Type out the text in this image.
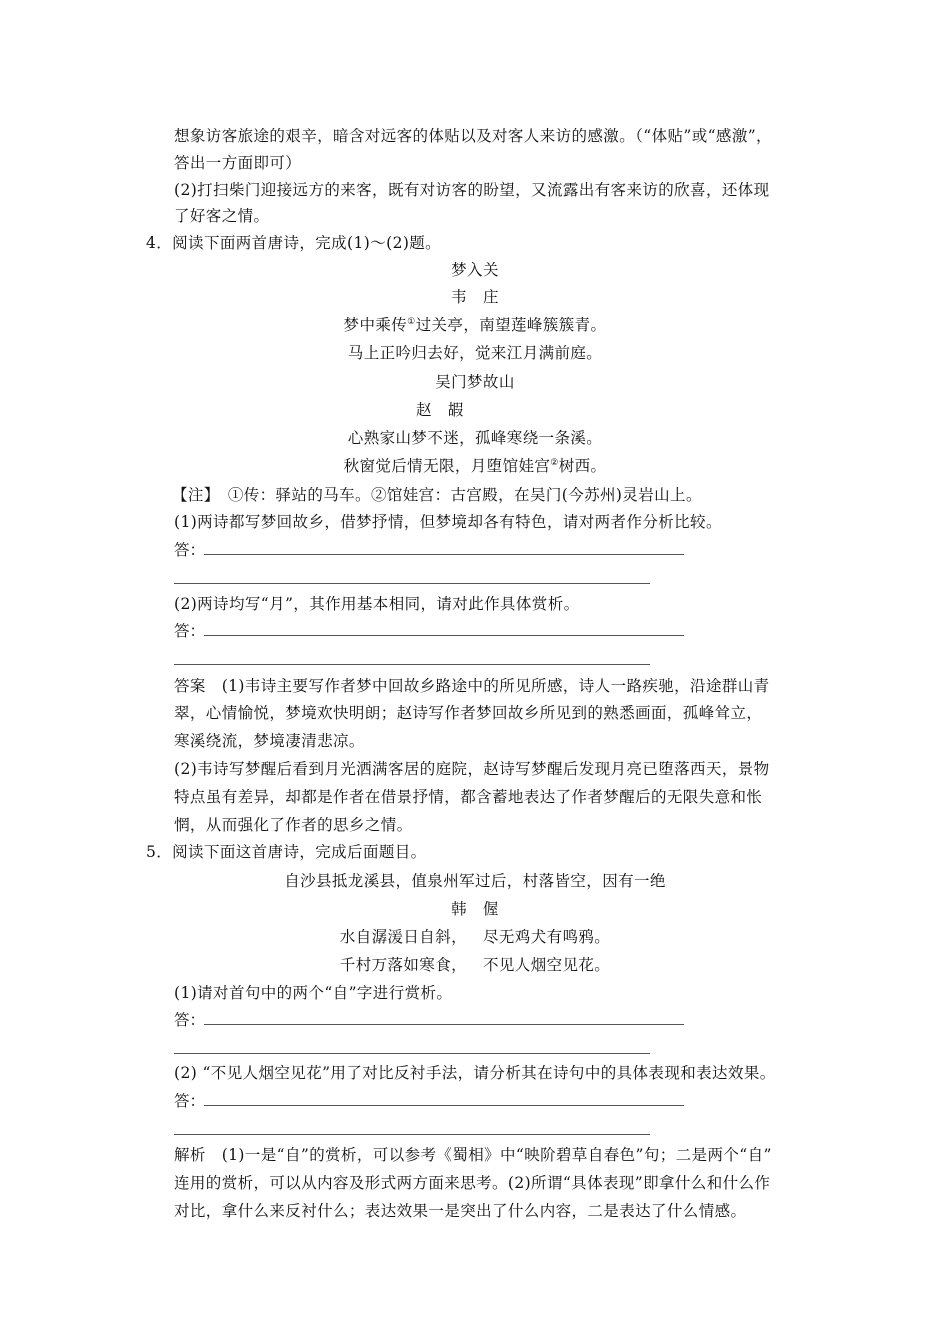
想象访客旅途的艰辛，暗含对远客的体贴以及对客人来访的感激。（“体贴”或“感激”，
答出一方面即可）
(2)打扫柴门迎接远方的来客，既有对访客的盼望，又流露出有客来访的欣喜，还体现
了好客之情。
4．阅读下面两首唐诗，完成(1)～(2)题。
梦入关
韦　庄
梦中乘传①过关亭，南望莲峰簇簇青。
马上正吟归去好，觉来江月满前庭。
吴门梦故山
赵　嘏
心熟家山梦不迷，孤峰寒绕一条溪。
秋窗觉后情无限，月堕馆娃宫②树西。
【注】　①传：驿站的马车。②馆娃宫：古宫殿，在吴门(今苏州)灵岩山上。
(1)两诗都写梦回故乡，借梦抒情，但梦境却各有特色，请对两者作分析比较。
答：
(2)两诗均写“月”，其作用基本相同，请对此作具体赏析。
答：
答案　(1)韦诗主要写作者梦中回故乡路途中的所见所感，诗人一路疾驰，沿途群山青
翠，心情愉悦，梦境欢快明朗；赵诗写作者梦回故乡所见到的熟悉画面，孤峰耸立，
寒溪绕流，梦境凄清悲凉。
(2)韦诗写梦醒后看到月光洒满客居的庭院，赵诗写梦醒后发现月亮已堕落西天，景物
特点虽有差异，却都是作者在借景抒情，都含蓄地表达了作者梦醒后的无限失意和怅
惘，从而强化了作者的思乡之情。
5．阅读下面这首唐诗，完成后面题目。
自沙县抵龙溪县，值泉州军过后，村落皆空，因有一绝
韩　偓
水自潺湲日自斜， 尽无鸡犬有鸣鸦。
千村万落如寒食， 不见人烟空见花。
(1)请对首句中的两个“自”字进行赏析。
答：
(2) “不见人烟空见花”用了对比反衬手法，请分析其在诗句中的具体表现和表达效果。
答：
解析　(1)一是“自”的赏析，可以参考《蜀相》中“映阶碧草自春色”句；二是两个“自”
连用的赏析，可以从内容及形式两方面来思考。(2)所谓“具体表现”即拿什么和什么作
对比，拿什么来反衬什么；表达效果一是突出了什么内容，二是表达了什么情感。
